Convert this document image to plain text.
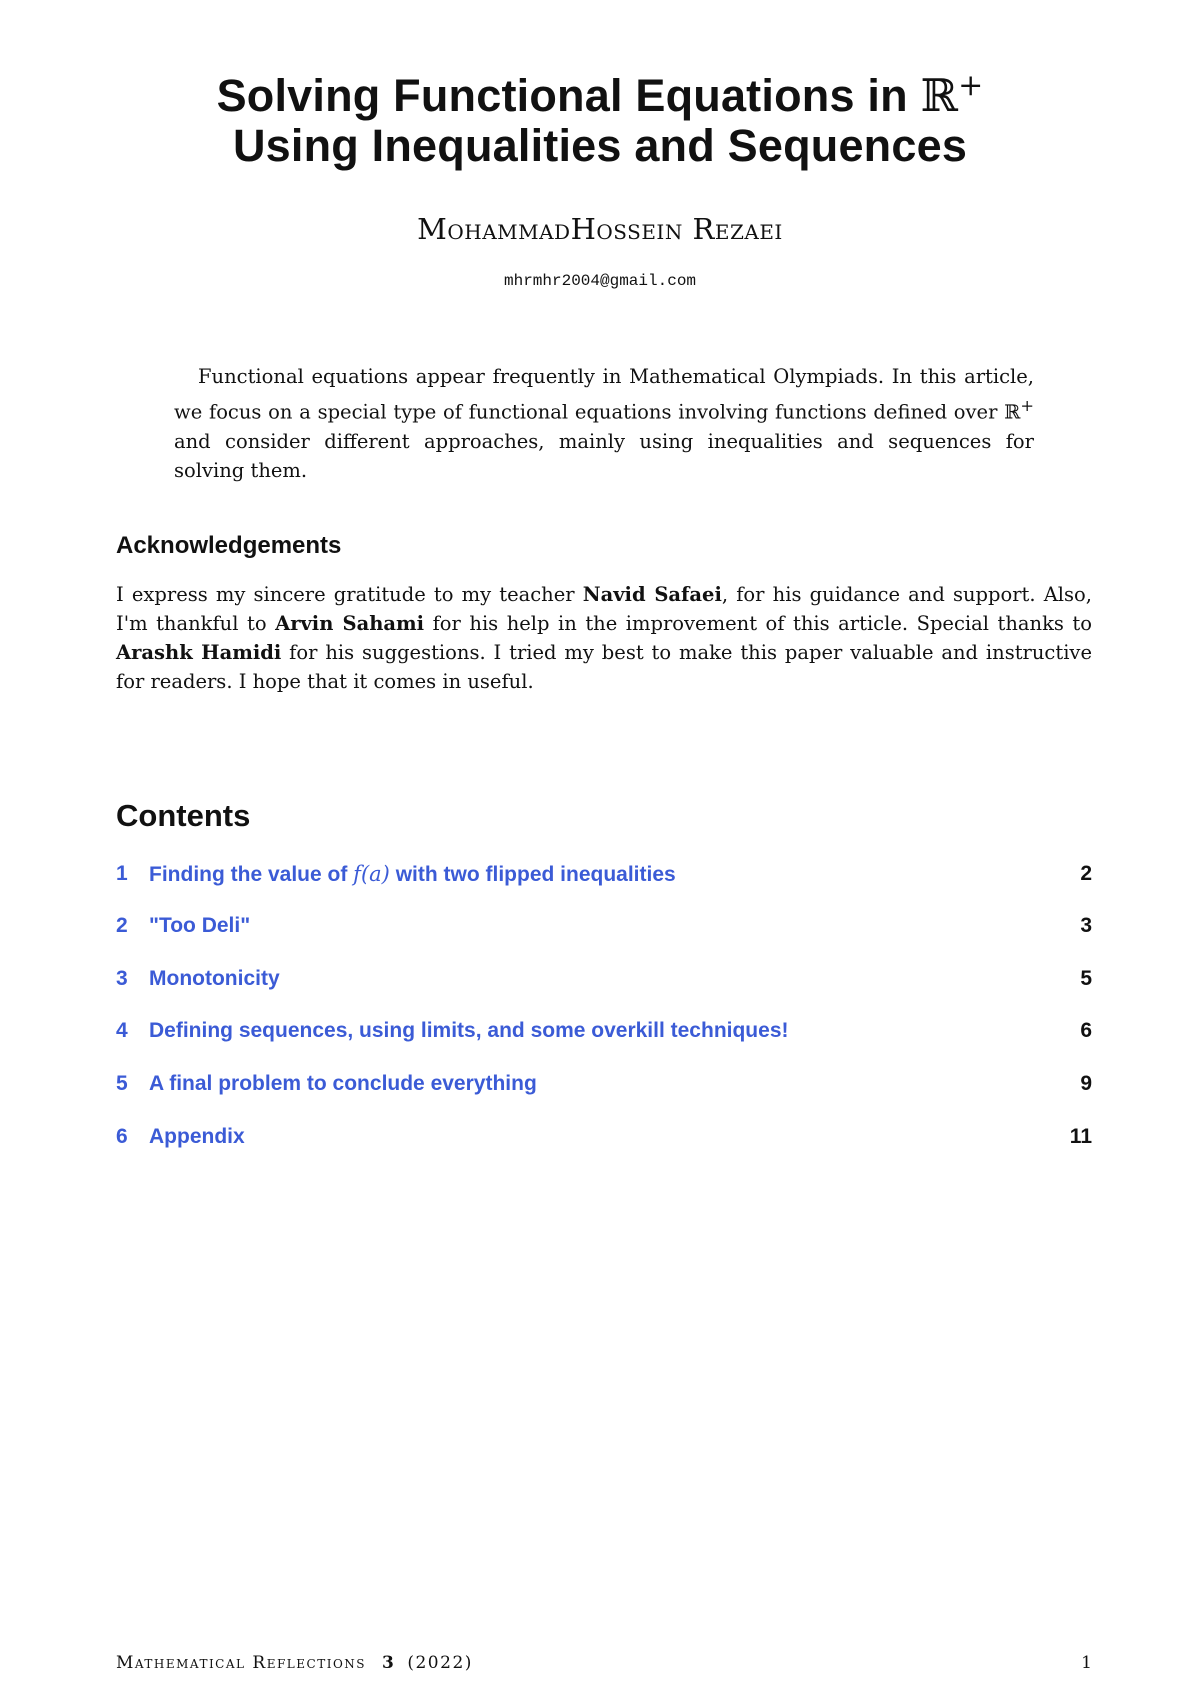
Solving Functional Equations in ℝ+
Using Inequalities and Sequences
MohammadHossein Rezaei
mhrmhr2004@gmail.com

Functional equations appear frequently in Mathematical Olympiads. In this article, we focus on a special type of functional equations involving functions defined over ℝ+ and consider different approaches, mainly using inequalities and sequences for solving them.

Acknowledgements

I express my sincere gratitude to my teacher Navid Safaei, for his guidance and support. Also, I'm thankful to Arvin Sahami for his help in the improvement of this article. Special thanks to Arashk Hamidi for his suggestions. I tried my best to make this paper valuable and instructive for readers. I hope that it comes in useful.

Contents
1 Finding the value of f(a) with two flipped inequalities	2
2 "Too Deli"	3
3 Monotonicity	5
4 Defining sequences, using limits, and some overkill techniques!	6
5 A final problem to conclude everything	9
6 Appendix	11
Mathematical Reflections 3 (2022)	1
